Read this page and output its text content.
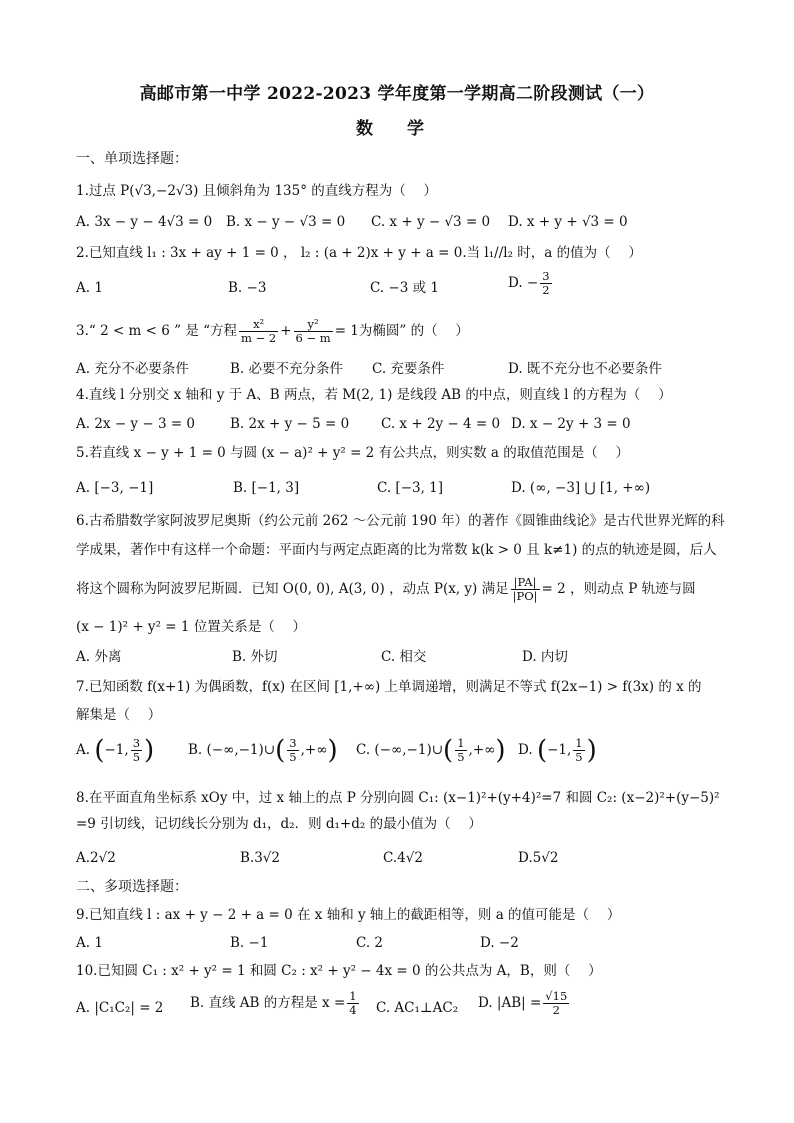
高邮市第一中学 2022-2023 学年度第一学期高二阶段测试（一）
数 学
一、单项选择题：
1.过点 P(√3,−2√3) 且倾斜角为 135° 的直线方程为（　 ）
A. 3x − y − 4√3 = 0 B. x − y − √3 = 0 C. x + y − √3 = 0 D. x + y + √3 = 0
2.已知直线 l₁ : 3x + ay + 1 = 0 ， l₂ : (a + 2)x + y + a = 0.当 l₁//l₂ 时，a 的值为（　 ）
A. 1	B. −3	C. −3 或 1	D. − $\frac{3}{2}$
3.“ 2 < m < 6 ” 是 “方程 $\frac{\text{x²}}{m - 2} + \frac{\text{y²}}{6 - m} = 1$为椭圆” 的（　 ）
A. 充分不必要条件	B. 必要不充分条件 C. 充要条件	D. 既不充分也不必要条件
4.直线 l 分别交 x 轴和 y 于 A、B 两点，若 M(2, 1) 是线段 AB 的中点，则直线 l 的方程为（　 ）
A. 2x − y − 3 = 0	B. 2x + y − 5 = 0 C. x + 2y − 4 = 0 D. x − 2y + 3 = 0
5.若直线 x − y + 1 = 0 与圆 (x − a)² + y² = 2 有公共点，则实数 a 的取值范围是（　 ）
A. [−3, −1]	B. [−1, 3]	C. [−3, 1]	D. (∞, −3] ⋃ [1, +∞)
6.古希腊数学家阿波罗尼奥斯（约公元前 262 ～公元前 190 年）的著作《圆锥曲线论》是古代世界光辉的科
学成果，著作中有这样一个命题：平面内与两定点距离的比为常数 k(k > 0 且 k≠1) 的点的轨迹是圆，后人
将这个圆称为阿波罗尼斯圆．已知 O(0, 0), A(3, 0) ，动点 P(x, y) 满足 $\frac{|PA|}{|PO|} = 2$ ，则动点 P 轨迹与圆
(x − 1)² + y² = 1 位置关系是（　 ）
A. 外离	B. 外切	C. 相交	D. 内切
7.已知函数 f(x+1) 为偶函数，f(x) 在区间 [1,+∞) 上单调递增，则满足不等式 f(2x−1) > f(3x) 的 x 的
解集是（　 ）
A. (−1, $\frac{3}{5}$ )	B. (−∞,−1)∪( $\frac{3}{5}$ ,+∞) C. (−∞,−1)∪( $\frac{1}{5}$ ,+∞) D. (−1, $\frac{1}{5}$ )
8.在平面直角坐标系 xOy 中，过 x 轴上的点 P 分别向圆 C₁: (x−1)²+(y+4)²=7 和圆 C₂: (x−2)²+(y−5)²
=9 引切线，记切线长分别为 d₁，d₂．则 d₁+d₂ 的最小值为（　 ）
A.2√2	B.3√2	C.4√2	D.5√2
二、多项选择题：
9.已知直线 l : ax + y − 2 + a = 0 在 x 轴和 y 轴上的截距相等，则 a 的值可能是（　 ）
A. 1	B. −1	C. 2	D. −2
10.已知圆 C₁ : x² + y² = 1 和圆 C₂ : x² + y² − 4x = 0 的公共点为 A，B，则（　 ）
A. |C₁C₂| = 2 B. 直线 AB 的方程是 $x = \frac{1}{4} C$. AC₁⊥AC₂ D. $|AB| = \frac{√15}{2}$
